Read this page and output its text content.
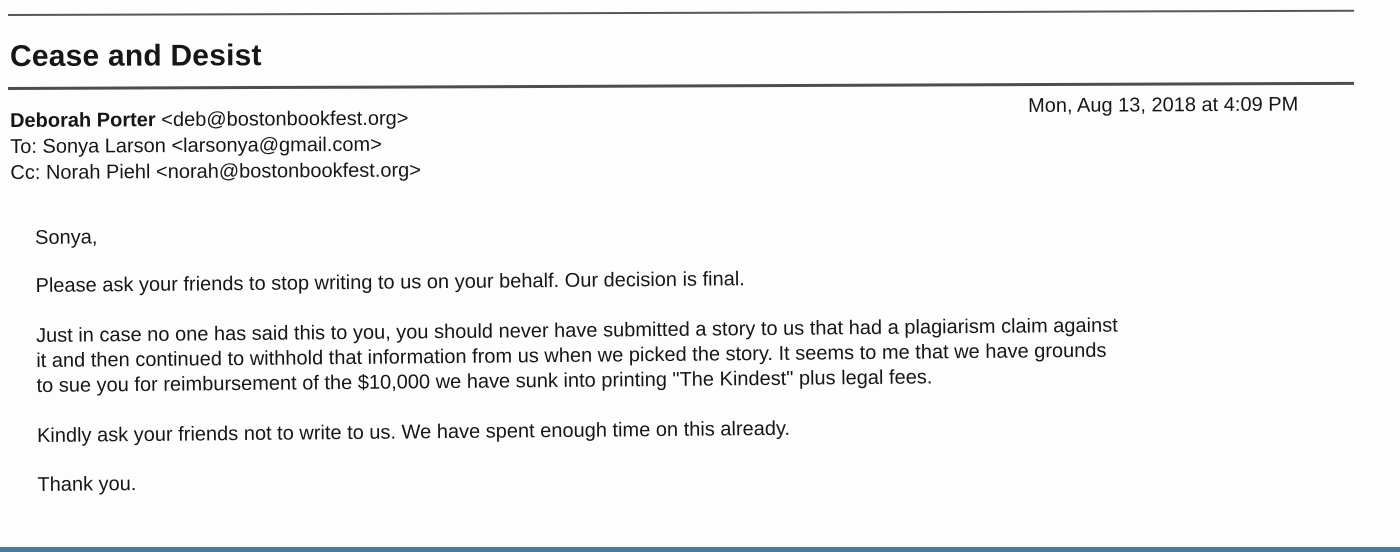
Cease and Desist
Mon, Aug 13, 2018 at 4:09 PM
Deborah Porter <deb@bostonbookfest.org>
To: Sonya Larson <larsonya@gmail.com>
Cc: Norah Piehl <norah@bostonbookfest.org>

Sonya,

Please ask your friends to stop writing to us on your behalf. Our decision is final.

Just in case no one has said this to you, you should never have submitted a story to us that had a plagiarism claim against

it and then continued to withhold that information from us when we picked the story. It seems to me that we have grounds

to sue you for reimbursement of the $10,000 we have sunk into printing "The Kindest" plus legal fees.

Kindly ask your friends not to write to us. We have spent enough time on this already.

Thank you.
